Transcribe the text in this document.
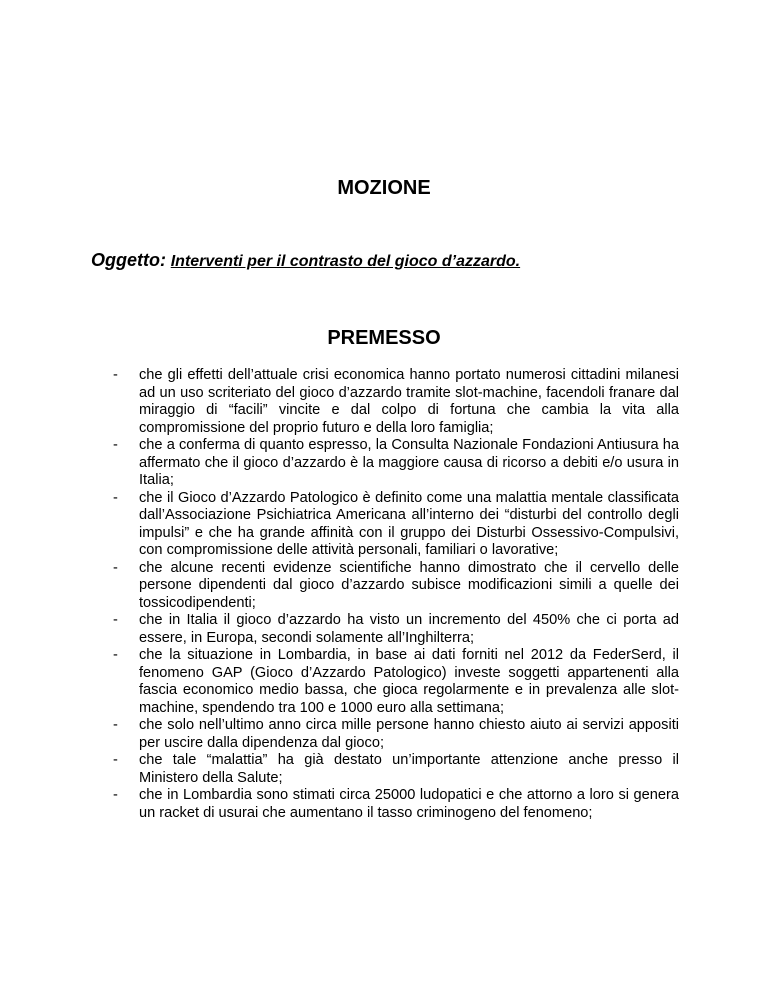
MOZIONE
Oggetto: Interventi per il contrasto del gioco d’azzardo.
PREMESSO
- che gli effetti dell’attuale crisi economica hanno portato numerosi cittadini milanesi ad un uso scriteriato del gioco d’azzardo tramite slot-machine, facendoli franare dal miraggio di “facili” vincite e dal colpo di fortuna che cambia la vita alla compromissione del proprio futuro e della loro famiglia;
- che a conferma di quanto espresso, la Consulta Nazionale Fondazioni Antiusura ha affermato che il gioco d’azzardo è la maggiore causa di ricorso a debiti e/o usura in Italia;
- che il Gioco d’Azzardo Patologico è definito come una malattia mentale classificata dall’Associazione Psichiatrica Americana all’interno dei “disturbi del controllo degli impulsi” e che ha grande affinità con il gruppo dei Disturbi Ossessivo-Compulsivi, con compromissione delle attività personali, familiari o lavorative;
- che alcune recenti evidenze scientifiche hanno dimostrato che il cervello delle persone dipendenti dal gioco d’azzardo subisce modificazioni simili a quelle dei tossicodipendenti;
- che in Italia il gioco d’azzardo ha visto un incremento del 450% che ci porta ad essere, in Europa, secondi solamente all’Inghilterra;
- che la situazione in Lombardia, in base ai dati forniti nel 2012 da FederSerd, il fenomeno GAP (Gioco d’Azzardo Patologico) investe soggetti appartenenti alla fascia economico medio bassa, che gioca regolarmente e in prevalenza alle slot-machine, spendendo tra 100 e 1000 euro alla settimana;
- che solo nell’ultimo anno circa mille persone hanno chiesto aiuto ai servizi appositi per uscire dalla dipendenza dal gioco;
- che tale “malattia” ha già destato un’importante attenzione anche presso il Ministero della Salute;
- che in Lombardia sono stimati circa 25000 ludopatici e che attorno a loro si genera un racket di usurai che aumentano il tasso criminogeno del fenomeno;
